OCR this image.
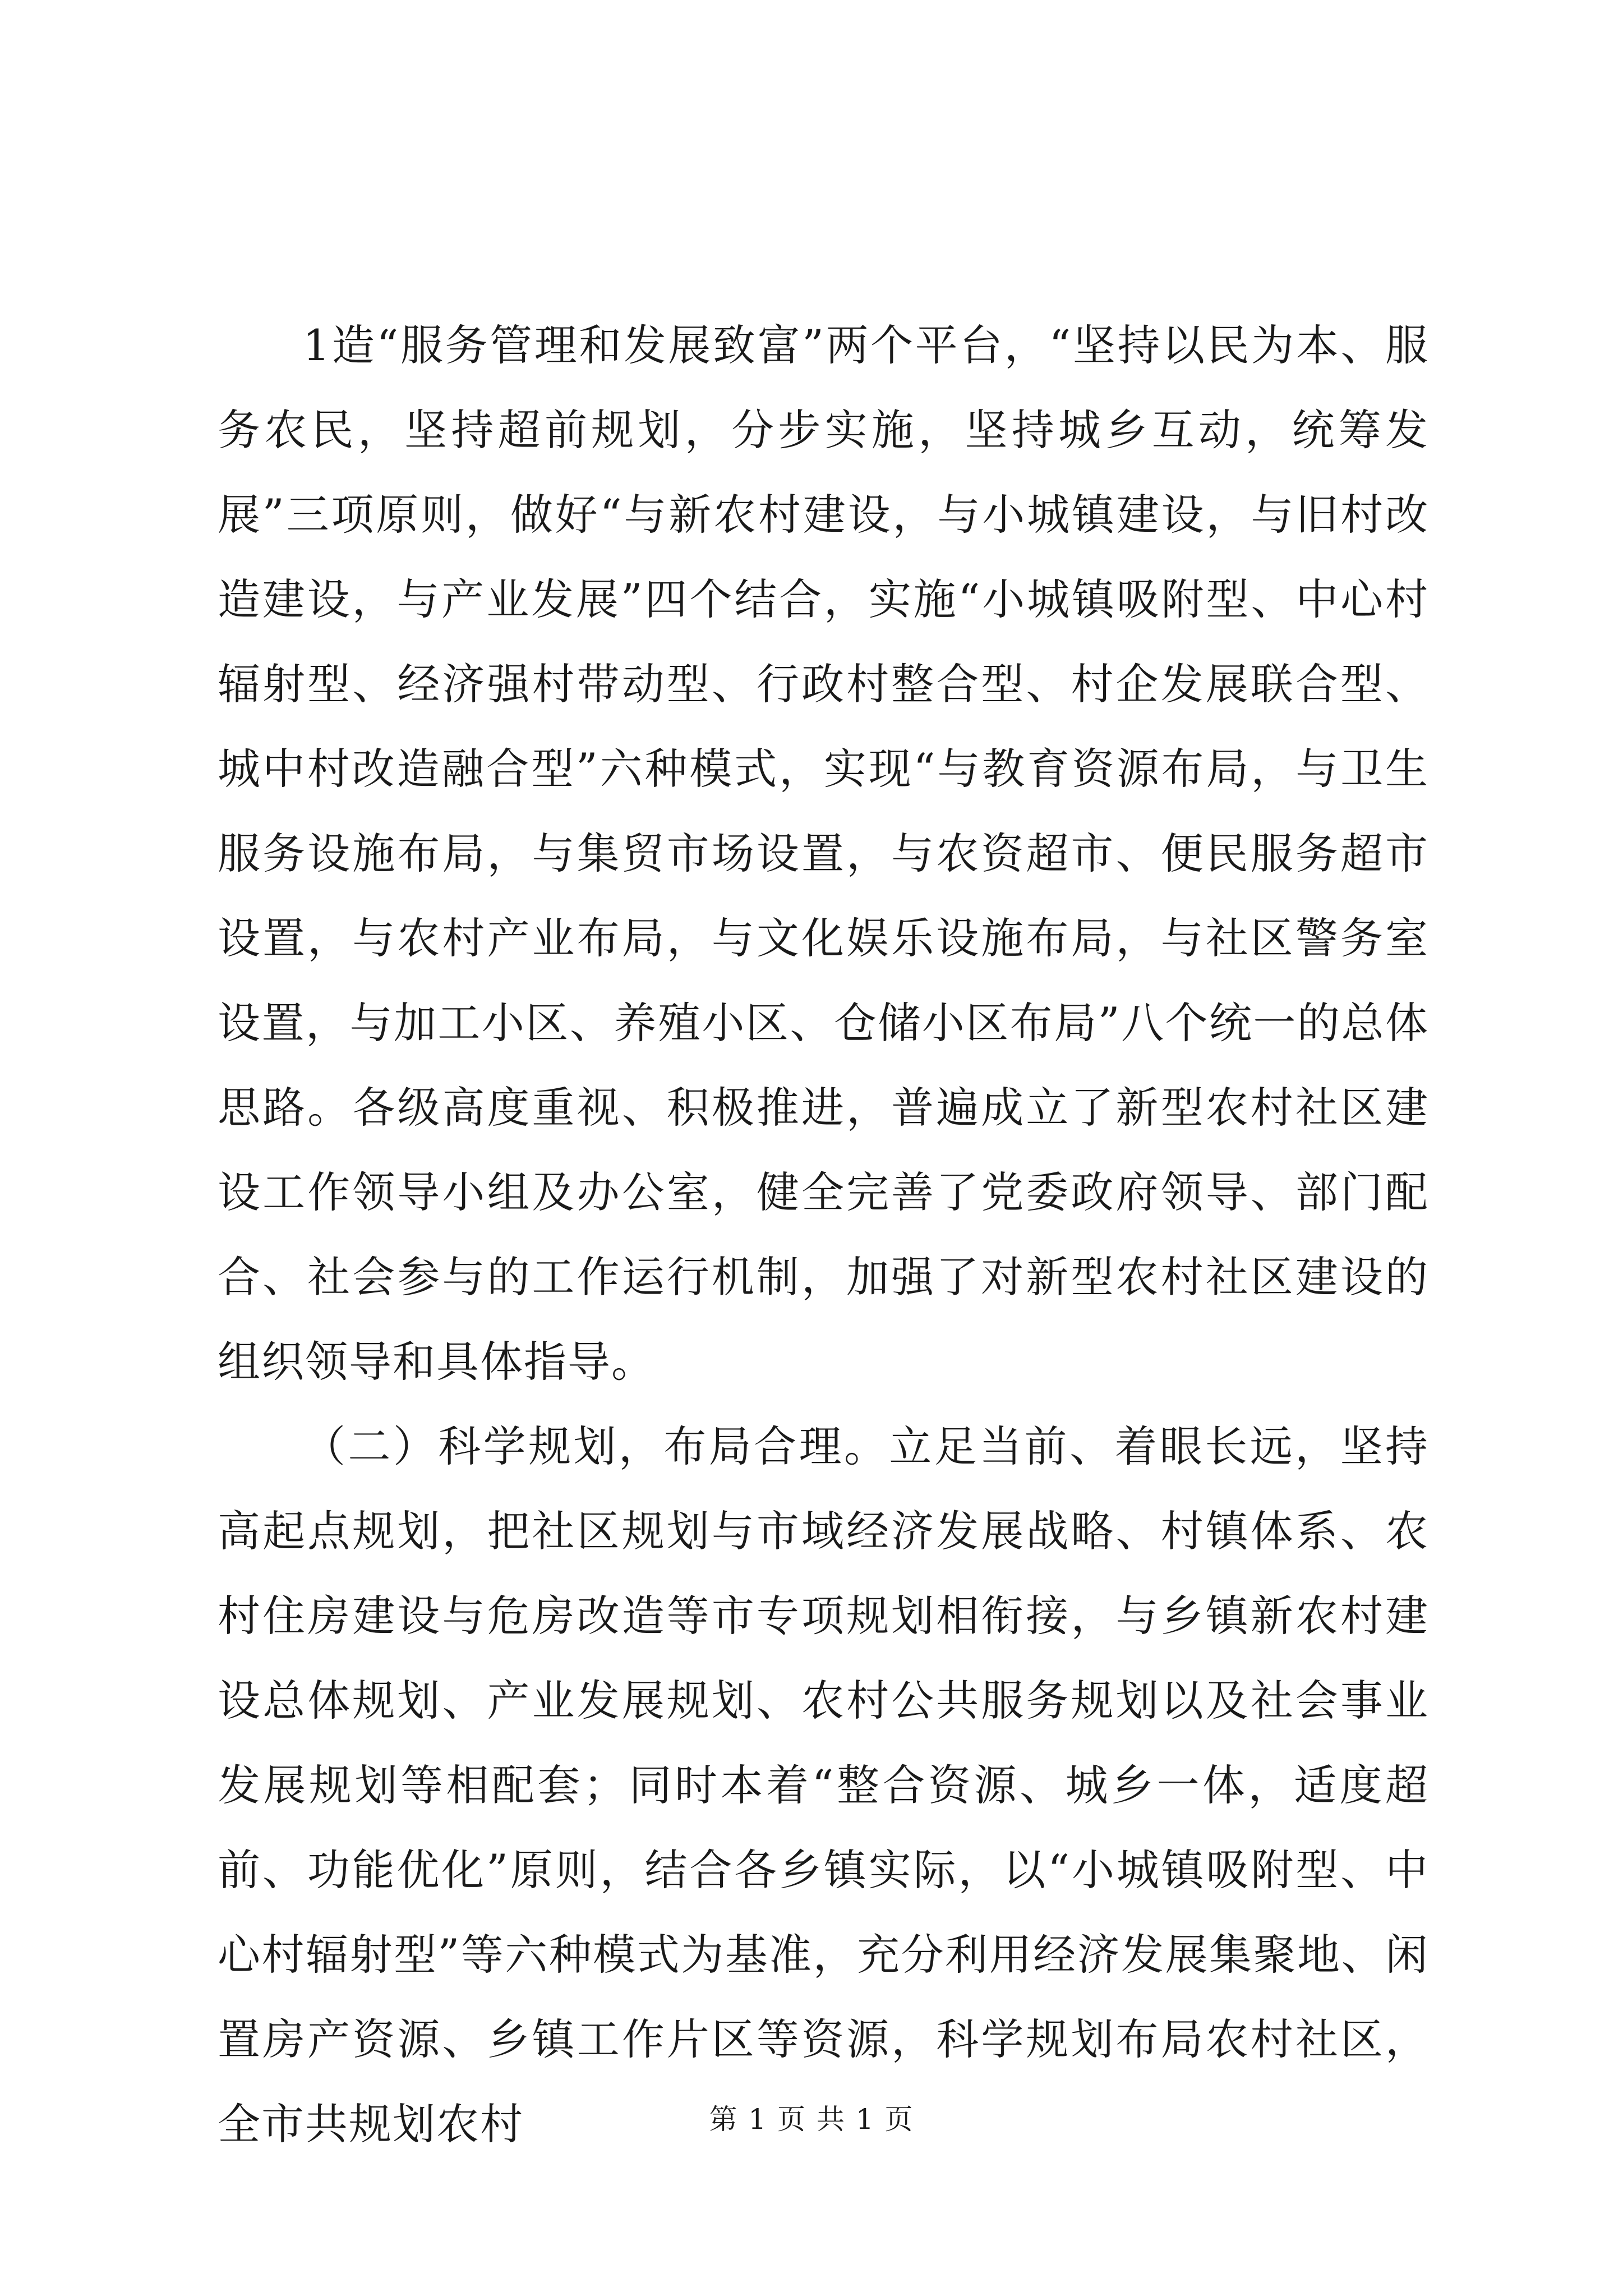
1造“服务管理和发展致富”两个平台，“坚持以民为本、服务农民，坚持超前规划，分步实施，坚持城乡互动，统筹发展”三项原则，做好“与新农村建设，与小城镇建设，与旧村改造建设，与产业发展”四个结合，实施“小城镇吸附型、中心村辐射型、经济强村带动型、行政村整合型、村企发展联合型、城中村改造融合型”六种模式，实现“与教育资源布局，与卫生服务设施布局，与集贸市场设置，与农资超市、便民服务超市设置，与农村产业布局，与文化娱乐设施布局，与社区警务室设置，与加工小区、养殖小区、仓储小区布局”八个统一的总体思路。各级高度重视、积极推进，普遍成立了新型农村社区建设工作领导小组及办公室，健全完善了党委政府领导、部门配合、社会参与的工作运行机制，加强了对新型农村社区建设的组织领导和具体指导。

（二）科学规划，布局合理。立足当前、着眼长远，坚持高起点规划，把社区规划与市域经济发展战略、村镇体系、农村住房建设与危房改造等市专项规划相衔接，与乡镇新农村建设总体规划、产业发展规划、农村公共服务规划以及社会事业发展规划等相配套；同时本着“整合资源、城乡一体，适度超前、功能优化”原则，结合各乡镇实际，以“小城镇吸附型、中心村辐射型”等六种模式为基准，充分利用经济发展集聚地、闲置房产资源、乡镇工作片区等资源，科学规划布局农村社区，全市共规划农村	第 1 页 共 1 页
